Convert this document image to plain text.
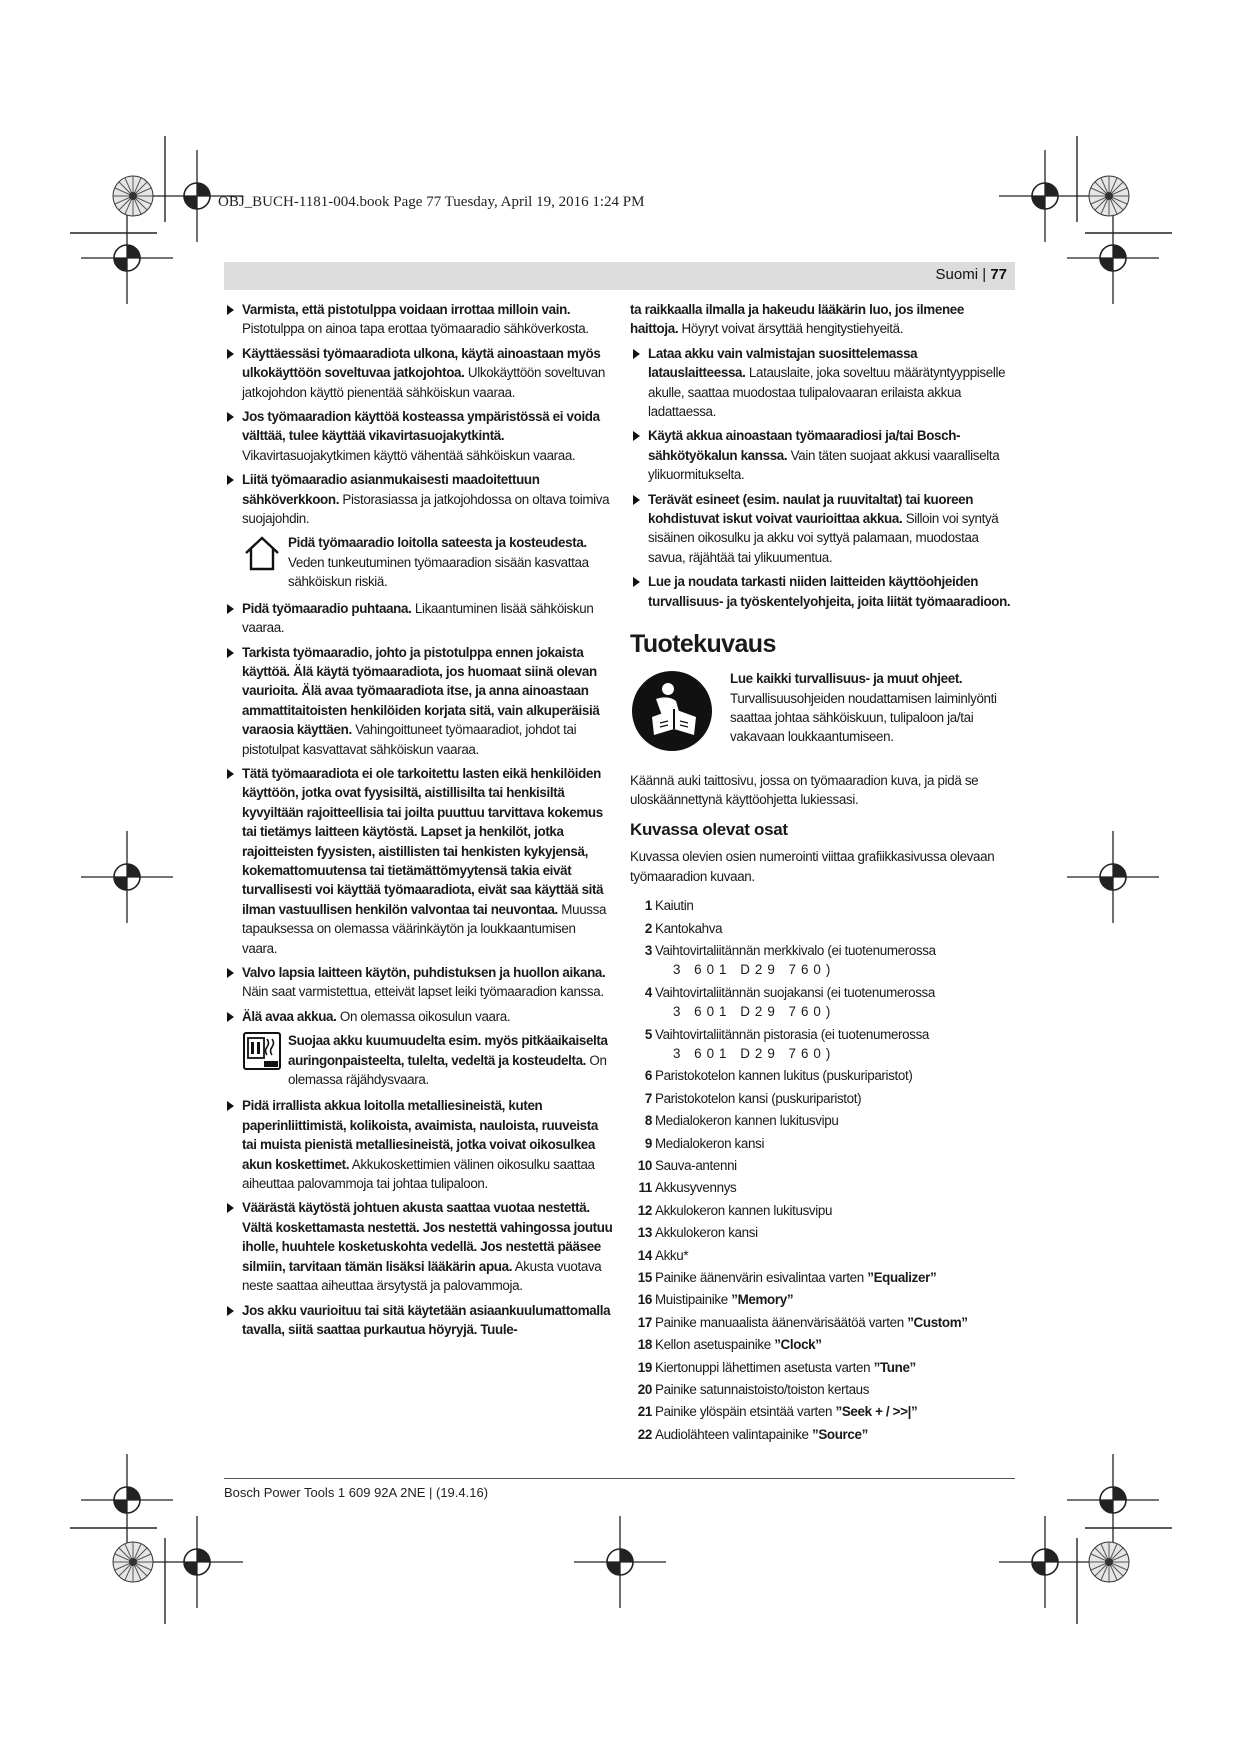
OBJ_BUCH-1181-004.book Page 77 Tuesday, April 19, 2016 1:24 PM
Suomi | 77
Varmista, että pistotulppa voidaan irrottaa milloin vain. Pistotulppa on ainoa tapa erottaa työmaaradio sähköverkosta.
Käyttäessäsi työmaaradiota ulkona, käytä ainoastaan myös ulkokäyttöön soveltuvaa jatkojohtoa. Ulkokäyttöön soveltuvan jatkojohdon käyttö pienentää sähköiskun vaaraa.
Jos työmaaradion käyttöä kosteassa ympäristössä ei voida välttää, tulee käyttää vikavirtasuojakytkintä. Vikavirtasuojakytkimen käyttö vähentää sähköiskun vaaraa.
Liitä työmaaradio asianmukaisesti maadoitettuun sähköverkkoon. Pistorasiassa ja jatkojohdossa on oltava toimiva suojajohdin.
Pidä työmaaradio loitolla sateesta ja kosteudesta. Veden tunkeutuminen työmaaradion sisään kasvattaa sähköiskun riskiä.
Pidä työmaaradio puhtaana. Likaantuminen lisää sähköiskun vaaraa.
Tarkista työmaaradio, johto ja pistotulppa ennen jokaista käyttöä. Älä käytä työmaaradiota, jos huomaat siinä olevan vaurioita. Älä avaa työmaaradiota itse, ja anna ainoastaan ammattitaitoisten henkilöiden korjata sitä, vain alkuperäisiä varaosia käyttäen. Vahingoittuneet työmaaradiot, johdot tai pistotulpat kasvattavat sähköiskun vaaraa.
Tätä työmaaradiota ei ole tarkoitettu lasten eikä henkilöiden käyttöön, jotka ovat fyysisiltä, aistillisilta tai henkisiltä kyvyiltään rajoitteellisia tai joilta puuttuu tarvittava kokemus tai tietämys laitteen käytöstä. Lapset ja henkilöt, jotka rajoitteisten fyysisten, aistillisten tai henkisten kykyjensä, kokemattomuutensa tai tietämättömyytensä takia eivät turvallisesti voi käyttää työmaaradiota, eivät saa käyttää sitä ilman vastuullisen henkilön valvontaa tai neuvontaa. Muussa tapauksessa on olemassa väärinkäytön ja loukkaantumisen vaara.
Valvo lapsia laitteen käytön, puhdistuksen ja huollon aikana. Näin saat varmistettua, etteivät lapset leiki työmaaradion kanssa.
Älä avaa akkua. On olemassa oikosulun vaara.
Suojaa akku kuumuudelta esim. myös pitkäaikaiselta auringonpaisteelta, tulelta, vedeltä ja kosteudelta. On olemassa räjähdysvaara.
Pidä irrallista akkua loitolla metalliesineistä, kuten paperinliittimistä, kolikoista, avaimista, nauloista, ruuveista tai muista pienistä metalliesineistä, jotka voivat oikosulkea akun koskettimet. Akkukoskettimien välinen oikosulku saattaa aiheuttaa palovammoja tai johtaa tulipaloon.
Väärästä käytöstä johtuen akusta saattaa vuotaa nestettä. Vältä koskettamasta nestettä. Jos nestettä vahingossa joutuu iholle, huuhtele kosketuskohta vedellä. Jos nestettä pääsee silmiin, tarvitaan tämän lisäksi lääkärin apua. Akusta vuotava neste saattaa aiheuttaa ärsytystä ja palovammoja.
Jos akku vaurioituu tai sitä käytetään asiaankuulumattomalla tavalla, siitä saattaa purkautua höyryjä. Tuule-
ta raikkaalla ilmalla ja hakeudu lääkärin luo, jos ilmenee haittoja. Höyryt voivat ärsyttää hengitystiehyeitä.
Lataa akku vain valmistajan suosittelemassa latauslaitteessa. Latauslaite, joka soveltuu määrätyntyyppiselle akulle, saattaa muodostaa tulipalovaaran erilaista akkua ladattaessa.
Käytä akkua ainoastaan työmaaradiosi ja/tai Bosch-sähkötyökalun kanssa. Vain täten suojaat akkusi vaaralliselta ylikuormitukselta.
Terävät esineet (esim. naulat ja ruuvitaltat) tai kuoreen kohdistuvat iskut voivat vaurioittaa akkua. Silloin voi syntyä sisäinen oikosulku ja akku voi syttyä palamaan, muodostaa savua, räjähtää tai ylikuumentua.
Lue ja noudata tarkasti niiden laitteiden käyttöohjeiden turvallisuus- ja työskentelyohjeita, joita liität työmaaradioon.
Tuotekuvaus
Lue kaikki turvallisuus- ja muut ohjeet. Turvallisuusohjeiden noudattamisen laiminlyönti saattaa johtaa sähköiskuun, tulipaloon ja/tai vakavaan loukkaantumiseen.
Käännä auki taittosivu, jossa on työmaaradion kuva, ja pidä se uloskäännettynä käyttöohjetta lukiessasi.
Kuvassa olevat osat
Kuvassa olevien osien numerointi viittaa grafiikkasivussa olevaan työmaaradion kuvaan.
1 Kaiutin
2 Kantokahva
3 Vaihtovirtaliitännän merkkivalo (ei tuotenumerossa
3 601 D29 760)
4 Vaihtovirtaliitännän suojakansi (ei tuotenumerossa
3 601 D29 760)
5 Vaihtovirtaliitännän pistorasia (ei tuotenumerossa
3 601 D29 760)
6 Paristokotelon kannen lukitus (puskuriparistot)
7 Paristokotelon kansi (puskuriparistot)
8 Medialokeron kannen lukitusvipu
9 Medialokeron kansi
10 Sauva-antenni
11 Akkusyvennys
12 Akkulokeron kannen lukitusvipu
13 Akkulokeron kansi
14 Akku*
15 Painike äänenvärin esivalintaa varten ”Equalizer”
16 Muistipainike ”Memory”
17 Painike manuaalista äänenvärisäätöä varten ”Custom”
18 Kellon asetuspainike ”Clock”
19 Kiertonuppi lähettimen asetusta varten ”Tune”
20 Painike satunnaistoisto/toiston kertaus
21 Painike ylöspäin etsintää varten ”Seek + / >>|”
22 Audiolähteen valintapainike ”Source”
Bosch Power Tools 1 609 92A 2NE | (19.4.16)
